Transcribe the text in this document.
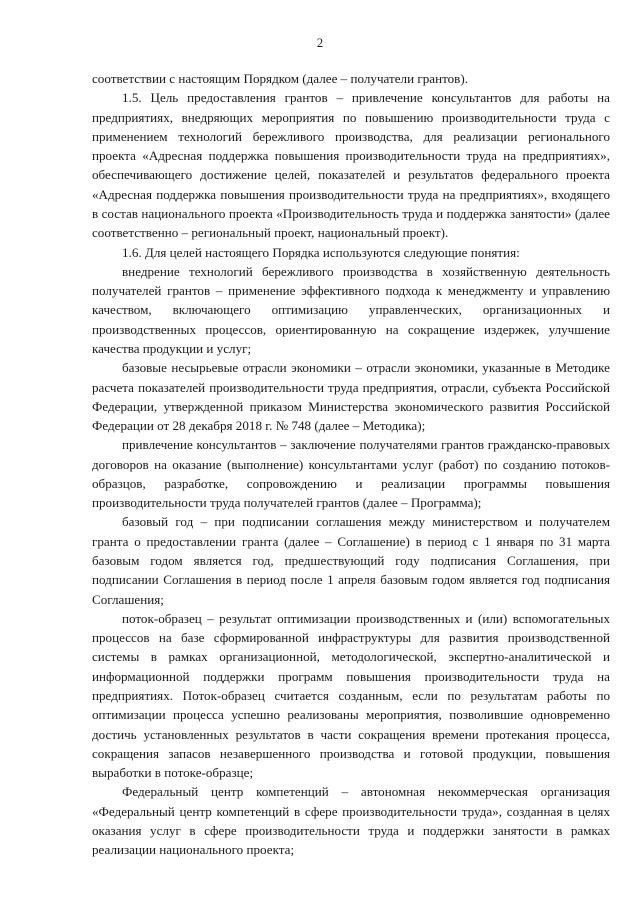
2

соответствии с настоящим Порядком (далее – получатели грантов).

1.5. Цель предоставления грантов – привлечение консультантов для работы на предприятиях, внедряющих мероприятия по повышению производительности труда с применением технологий бережливого производства, для реализации регионального проекта «Адресная поддержка повышения производительности труда на предприятиях», обеспечивающего достижение целей, показателей и результатов федерального проекта «Адресная поддержка повышения производительности труда на предприятиях», входящего в состав национального проекта «Производительность труда и поддержка занятости» (далее соответственно – региональный проект, национальный проект).

1.6. Для целей настоящего Порядка используются следующие понятия:

внедрение технологий бережливого производства в хозяйственную деятельность получателей грантов – применение эффективного подхода к менеджменту и управлению качеством, включающего оптимизацию управленческих, организационных и производственных процессов, ориентированную на сокращение издержек, улучшение качества продукции и услуг;

базовые несырьевые отрасли экономики – отрасли экономики, указанные в Методике расчета показателей производительности труда предприятия, отрасли, субъекта Российской Федерации, утвержденной приказом Министерства экономического развития Российской Федерации от 28 декабря 2018 г. № 748 (далее – Методика);

привлечение консультантов – заключение получателями грантов гражданско-правовых договоров на оказание (выполнение) консультантами услуг (работ) по созданию потоков-образцов, разработке, сопровождению и реализации программы повышения производительности труда получателей грантов (далее – Программа);

базовый год – при подписании соглашения между министерством и получателем гранта о предоставлении гранта (далее – Соглашение) в период с 1 января по 31 марта базовым годом является год, предшествующий году подписания Соглашения, при подписании Соглашения в период после 1 апреля базовым годом является год подписания Соглашения;

поток-образец – результат оптимизации производственных и (или) вспомогательных процессов на базе сформированной инфраструктуры для развития производственной системы в рамках организационной, методологической, экспертно-аналитической и информационной поддержки программ повышения производительности труда на предприятиях. Поток-образец считается созданным, если по результатам работы по оптимизации процесса успешно реализованы мероприятия, позволившие одновременно достичь установленных результатов в части сокращения времени протекания процесса, сокращения запасов незавершенного производства и готовой продукции, повышения выработки в потоке-образце;

Федеральный центр компетенций – автономная некоммерческая организация «Федеральный центр компетенций в сфере производительности труда», созданная в целях оказания услуг в сфере производительности труда и поддержки занятости в рамках реализации национального проекта;
